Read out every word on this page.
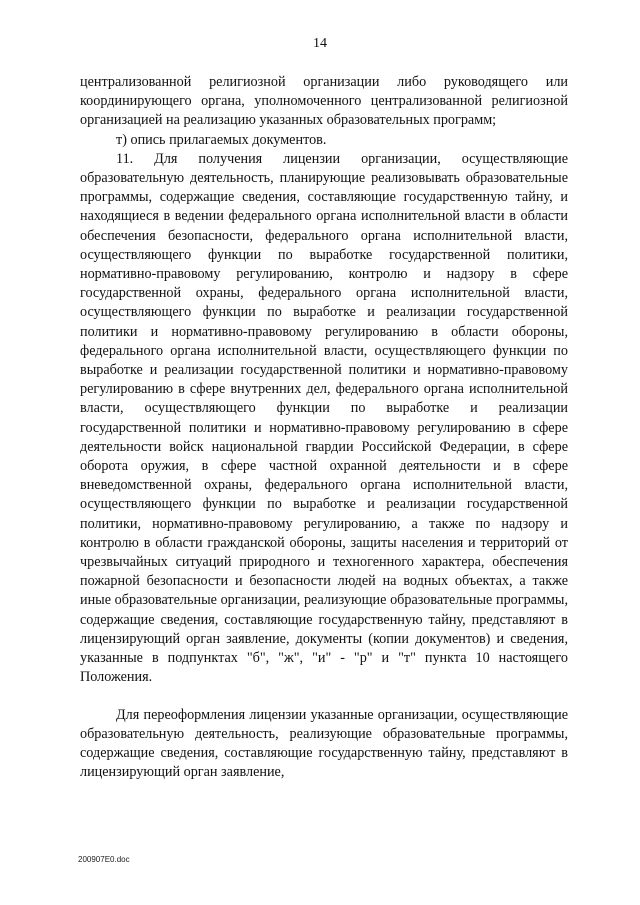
14

централизованной религиозной организации либо руководящего или координирующего органа, уполномоченного централизованной религиозной организацией на реализацию указанных образовательных программ;

т) опись прилагаемых документов.

11. Для получения лицензии организации, осуществляющие образовательную деятельность, планирующие реализовывать образовательные программы, содержащие сведения, составляющие государственную тайну, и находящиеся в ведении федерального органа исполнительной власти в области обеспечения безопасности, федерального органа исполнительной власти, осуществляющего функции по выработке государственной политики, нормативно-правовому регулированию, контролю и надзору в сфере государственной охраны, федерального органа исполнительной власти, осуществляющего функции по выработке и реализации государственной политики и нормативно-правовому регулированию в области обороны, федерального органа исполнительной власти, осуществляющего функции по выработке и реализации государственной политики и нормативно-правовому регулированию в сфере внутренних дел, федерального органа исполнительной власти, осуществляющего функции по выработке и реализации государственной политики и нормативно-правовому регулированию в сфере деятельности войск национальной гвардии Российской Федерации, в сфере оборота оружия, в сфере частной охранной деятельности и в сфере вневедомственной охраны, федерального органа исполнительной власти, осуществляющего функции по выработке и реализации государственной политики, нормативно-правовому регулированию, а также по надзору и контролю в области гражданской обороны, защиты населения и территорий от чрезвычайных ситуаций природного и техногенного характера, обеспечения пожарной безопасности и безопасности людей на водных объектах, а также иные образовательные организации, реализующие образовательные программы, содержащие сведения, составляющие государственную тайну, представляют в лицензирующий орган заявление, документы (копии документов) и сведения, указанные в подпунктах "б", "ж", "и" - "р" и "т" пункта 10 настоящего Положения.

Для переоформления лицензии указанные организации, осуществляющие образовательную деятельность, реализующие образовательные программы, содержащие сведения, составляющие государственную тайну, представляют в лицензирующий орган заявление,

200907E0.doc
